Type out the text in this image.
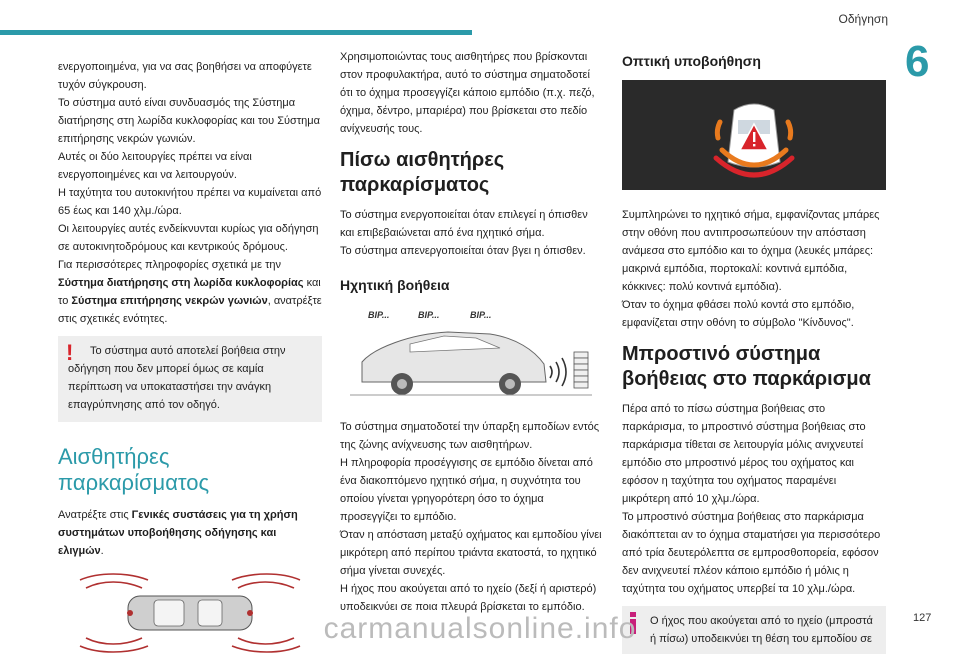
Οδήγηση
6

ενεργοποιημένα, για να σας βοηθήσει να αποφύγετε τυχόν σύγκρουση.

Το σύστημα αυτό είναι συνδυασμός της Σύστημα διατήρησης στη λωρίδα κυκλοφορίας και του Σύστημα επιτήρησης νεκρών γωνιών.

Αυτές οι δύο λειτουργίες πρέπει να είναι ενεργοποιημένες και να λειτουργούν.

Η ταχύτητα του αυτοκινήτου πρέπει να κυμαίνεται από 65 έως και 140 χλμ./ώρα.

Οι λειτουργίες αυτές ενδείκνυνται κυρίως για οδήγηση σε αυτοκινητοδρόμους και κεντρικούς δρόμους.

Για περισσότερες πληροφορίες σχετικά με την Σύστημα διατήρησης στη λωρίδα κυκλοφορίας και το Σύστημα επιτήρησης νεκρών γωνιών, ανατρέξτε στις σχετικές ενότητες.

!	Το σύστημα αυτό αποτελεί βοήθεια στην οδήγηση που δεν μπορεί όμως σε καμία περίπτωση να υποκαταστήσει την ανάγκη επαγρύπνησης από τον οδηγό.

Αισθητήρες παρκαρίσματος

Ανατρέξτε στις Γενικές συστάσεις για τη χρήση συστημάτων υποβοήθησης οδήγησης και ελιγμών.

Χρησιμοποιώντας τους αισθητήρες που βρίσκονται στον προφυλακτήρα, αυτό το σύστημα σηματοδοτεί ότι το όχημα προσεγγίζει κάποιο εμπόδιο (π.χ. πεζό, όχημα, δέντρο, μπαριέρα) που βρίσκεται στο πεδίο ανίχνευσής τους.

Πίσω αισθητήρες παρκαρίσματος

Το σύστημα ενεργοποιείται όταν επιλεγεί η όπισθεν και επιβεβαιώνεται από ένα ηχητικό σήμα.

Το σύστημα απενεργοποιείται όταν βγει η όπισθεν.

Ηχητική βοήθεια
BIP...	BIP...	BIP...

Το σύστημα σηματοδοτεί την ύπαρξη εμποδίων εντός της ζώνης ανίχνευσης των αισθητήρων.

Η πληροφορία προσέγγισης σε εμπόδιο δίνεται από ένα διακοπτόμενο ηχητικό σήμα, η συχνότητα του οποίου γίνεται γρηγορότερη όσο το όχημα προσεγγίζει το εμπόδιο.

Όταν η απόσταση μεταξύ οχήματος και εμποδίου γίνει μικρότερη από περίπου τριάντα εκατοστά, το ηχητικό σήμα γίνεται συνεχές.

Η ήχος που ακούγεται από το ηχείο (δεξί ή αριστερό) υποδεικνύει σε ποια πλευρά βρίσκεται το εμπόδιο.

Οπτική υποβοήθηση

Συμπληρώνει το ηχητικό σήμα, εμφανίζοντας μπάρες στην οθόνη που αντιπροσωπεύουν την απόσταση ανάμεσα στο εμπόδιο και το όχημα (λευκές μπάρες: μακρινά εμπόδια, πορτοκαλί: κοντινά εμπόδια, κόκκινες: πολύ κοντινά εμπόδια).

Όταν το όχημα φθάσει πολύ κοντά στο εμπόδιο, εμφανίζεται στην οθόνη το σύμβολο "Κίνδυνος".

Μπροστινό σύστημα βοήθειας στο παρκάρισμα

Πέρα από το πίσω σύστημα βοήθειας στο παρκάρισμα, το μπροστινό σύστημα βοήθειας στο παρκάρισμα τίθεται σε λειτουργία μόλις ανιχνευτεί εμπόδιο στο μπροστινό μέρος του οχήματος και εφόσον η ταχύτητα του οχήματος παραμένει μικρότερη από 10 χλμ./ώρα.

Το μπροστινό σύστημα βοήθειας στο παρκάρισμα διακόπτεται αν το όχημα σταματήσει για περισσότερο από τρία δευτερόλεπτα σε εμπροσθοπορεία, εφόσον δεν ανιχνευτεί πλέον κάποιο εμπόδιο ή μόλις η ταχύτητα του οχήματος υπερβεί τα 10 χλμ./ώρα.

Ο ήχος που ακούγεται από το ηχείο (μπροστά ή πίσω) υποδεικνύει τη θέση του εμποδίου σε

127
carmanualsonline.info
